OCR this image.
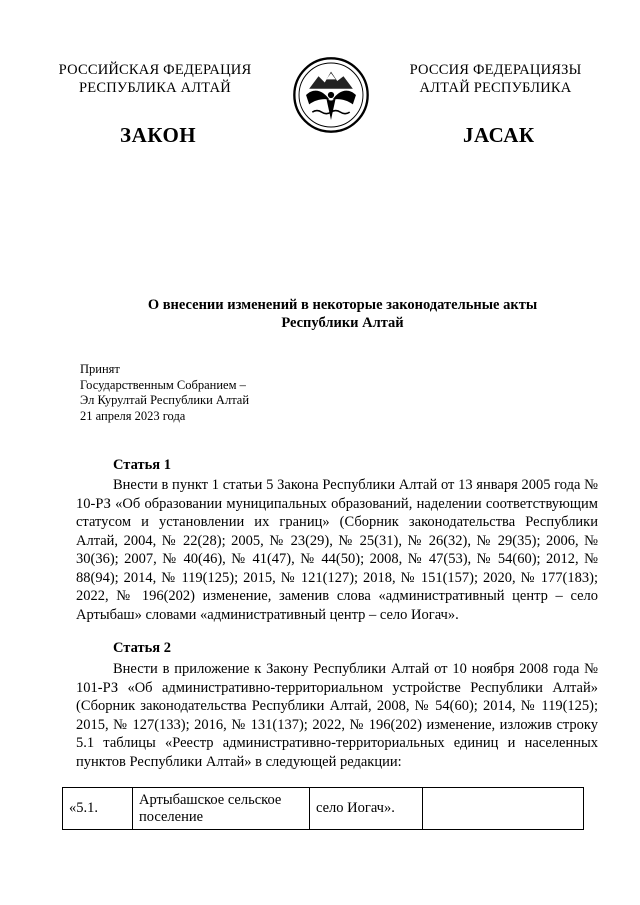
РОССИЙСКАЯ ФЕДЕРАЦИЯ
РЕСПУБЛИКА АЛТАЙ
ЗАКОН
РОССИЯ ФЕДЕРАЦИЯЗЫ
АЛТАЙ РЕСПУБЛИКА
JАСАК
О внесении изменений в некоторые законодательные акты
Республики Алтай
Принят
Государственным Собранием –
Эл Курултай Республики Алтай
21 апреля 2023 года
Статья 1

Внести в пункт 1 статьи 5 Закона Республики Алтай от 13 января 2005 года № 10-РЗ «Об образовании муниципальных образований, наделении соответствующим статусом и установлении их границ» (Сборник законодательства Республики Алтай, 2004, № 22(28); 2005, № 23(29), № 25(31), № 26(32), № 29(35); 2006, № 30(36); 2007, № 40(46), № 41(47), № 44(50); 2008, № 47(53), № 54(60); 2012, № 88(94); 2014, № 119(125); 2015, № 121(127); 2018, № 151(157); 2020, № 177(183); 2022, № 196(202) изменение, заменив слова «административный центр – село Артыбаш» словами «административный центр – село Иогач».

Статья 2

Внести в приложение к Закону Республики Алтай от 10 ноября 2008 года № 101-РЗ «Об административно-территориальном устройстве Республики Алтай» (Сборник законодательства Республики Алтай, 2008, № 54(60); 2014, № 119(125); 2015, № 127(133); 2016, № 131(137); 2022, № 196(202) изменение, изложив строку 5.1 таблицы «Реестр административно-территориальных единиц и населенных пунктов Республики Алтай» в следующей редакции:

«5.1.	Артыбашское сельское поселение	село Иогач».	
